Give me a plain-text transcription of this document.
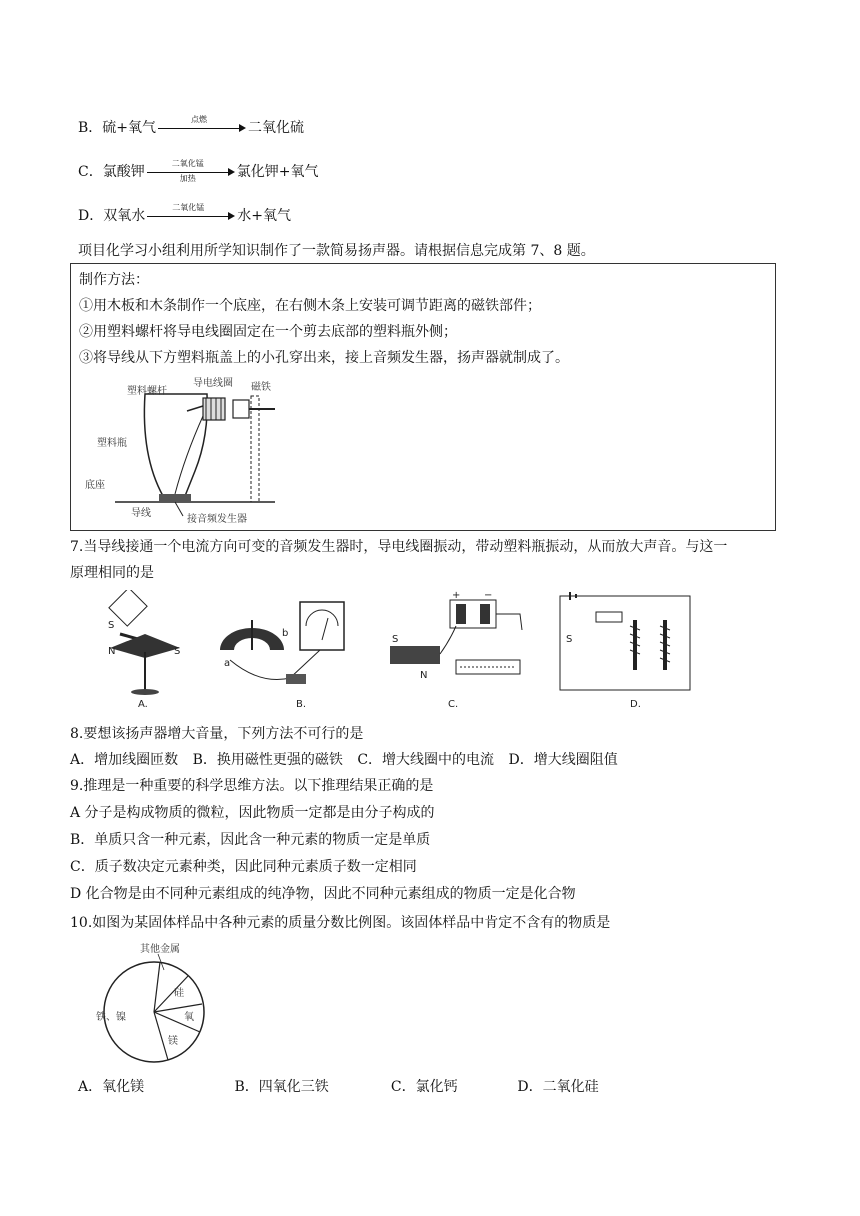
B． 硫+氧气
点燃
二氧化硫
C． 氯酸钾
二氧化锰
加热	氯化钾+氧气
D． 双氧水
二氧化锰
水+氧气
项目化学习小组利用所学知识制作了一款简易扬声器。请根据信息完成第 7、8 题。
制作方法：
①用木板和木条制作一个底座，在右侧木条上安装可调节距离的磁铁部件；
②用塑料螺杆将导电线圈固定在一个剪去底部的塑料瓶外侧；
③将导线从下方塑料瓶盖上的小孔穿出来，接上音频发生器，扬声器就制成了。
塑料螺杆
导电线圈 磁铁
塑料瓶
底座
导线
接音频发生器
7.当导线接通一个电流方向可变的音频发生器时，导电线圈振动，带动塑料瓶振动，从而放大声音。与这一
原理相同的是
S
N	S
A.
a
b
B.
S
N
+ −
C.
S
D.
8.要想该扬声器增大音量，下列方法不可行的是
A．增加线圈匝数 B．换用磁性更强的磁铁 C．增大线圈中的电流 D．增大线圈阻值
9.推理是一种重要的科学思维方法。以下推理结果正确的是
A 分子是构成物质的微粒，因此物质一定都是由分子构成的
B．单质只含一种元素，因此含一种元素的物质一定是单质
C．质子数决定元素种类，因此同种元素质子数一定相同
D 化合物是由不同种元素组成的纯净物，因此不同种元素组成的物质一定是化合物
10.如图为某固体样品中各种元素的质量分数比例图。该固体样品中肯定不含有的物质是
其他金属
铁、镍
硅
氧
镁
A．氧化镁	B．四氧化三铁	C．氯化钙	D．二氧化硅
